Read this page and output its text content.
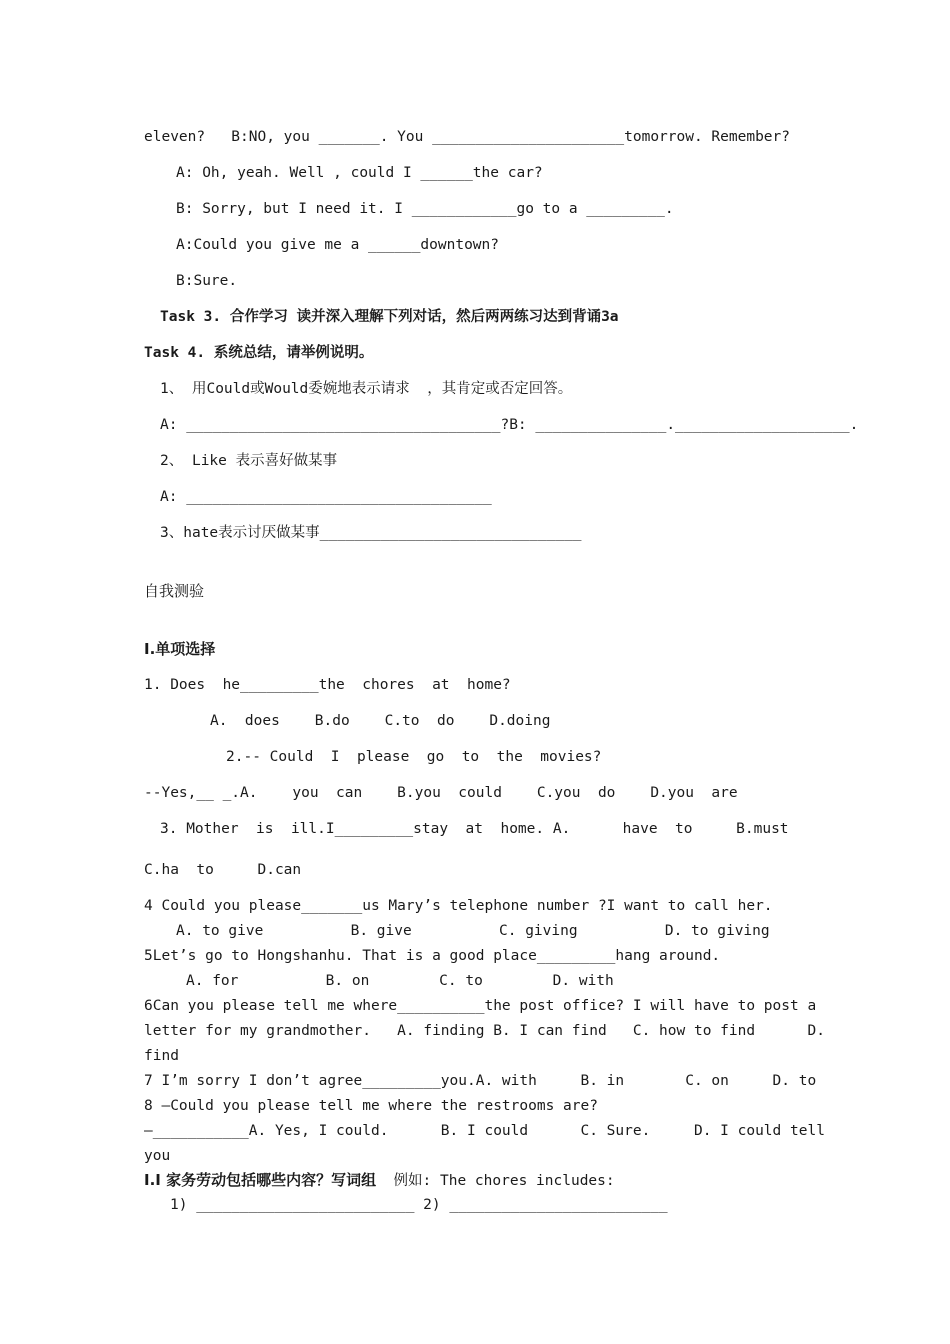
eleven?   B:NO, you _______. You ______________________tomorrow. Remember?
A: Oh, yeah. Well , could I ______the car?
B: Sorry, but I need it. I ____________go to a _________.
A:Could you give me a ______downtown?
B:Sure.
Task 3. 合作学习 读并深入理解下列对话，然后两两练习达到背诵3a
Task 4. 系统总结，请举例说明。
1、 用Could或Would委婉地表示请求  ，其肯定或否定回答。
A: ____________________________________?B: _______________.____________________.
2、 Like 表示喜好做某事
A: ___________________________________
3、hate表示讨厌做某事______________________________
自我测验
I.单项选择
1. Does  he_________the  chores  at  home?
A.  does    B.do    C.to  do    D.doing
2.-- Could  I  please  go  to  the  movies?
--Yes,__ _.A.    you  can    B.you  could    C.you  do    D.you  are
3. Mother  is  ill.I_________stay  at  home. A.      have  to     B.must
C.ha  to     D.can
4 Could you please_______us Mary’s telephone number ?I want to call her.
A. to give          B. give          C. giving          D. to giving
5Let’s go to Hongshanhu. That is a good place_________hang around.
A. for          B. on        C. to        D. with
6Can you please tell me where__________the post office? I will have to post a
letter for my grandmother.   A. finding B. I can find   C. how to find      D.
find
7 I’m sorry I don’t agree_________you.A. with     B. in       C. on     D. to
8 —Could you please tell me where the restrooms are?
—___________A. Yes, I could.      B. I could      C. Sure.     D. I could tell
you
I.I 家务劳动包括哪些内容？写词组  例如: The chores includes:
1) _________________________ 2) _________________________
